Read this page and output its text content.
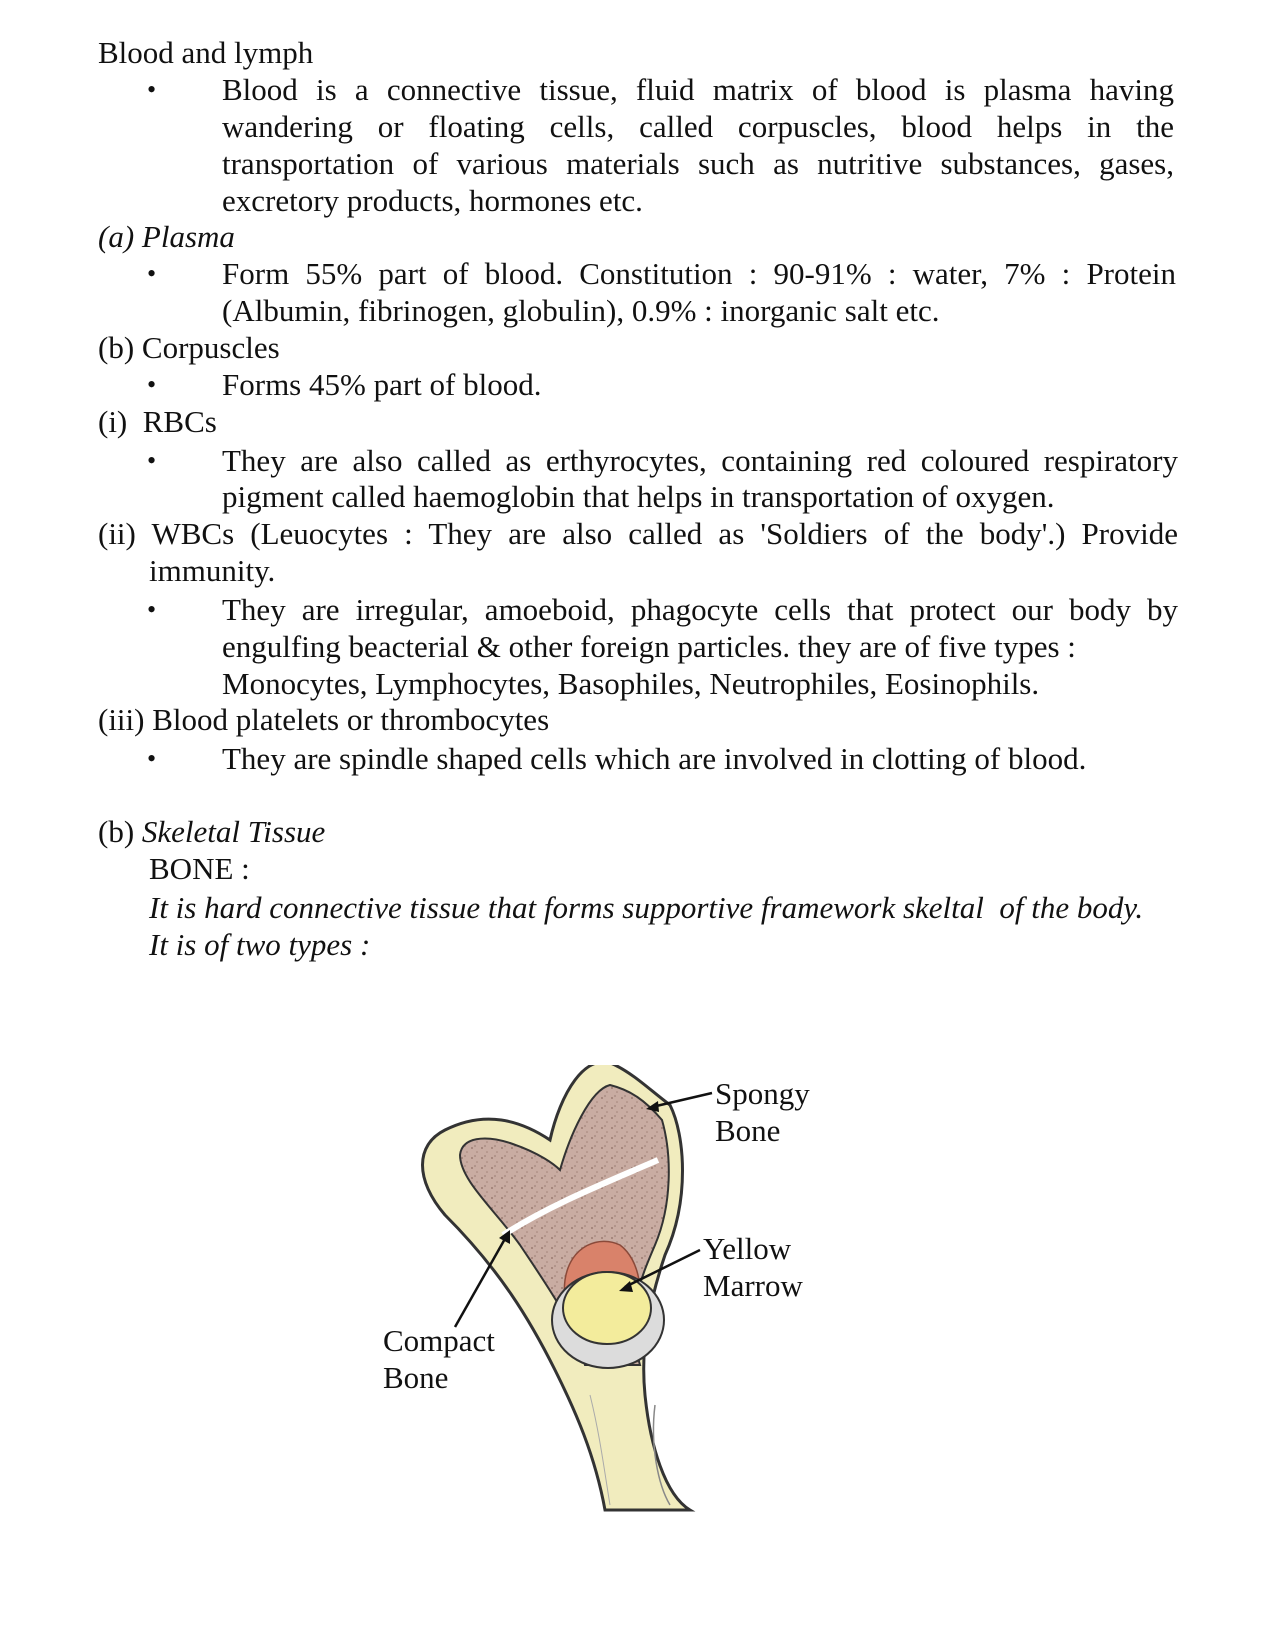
Blood and lymph
• Blood is a connective tissue, fluid matrix of blood is plasma having
wandering or floating cells, called corpuscles, blood helps in the
transportation of various materials such as nutritive substances, gases,
excretory products, hormones etc.
(a) Plasma
• Form 55% part of blood. Constitution : 90-91% : water, 7% : Protein
(Albumin, fibrinogen, globulin), 0.9% : inorganic salt etc.
(b) Corpuscles
• Forms 45% part of blood.
(i)  RBCs
• They are also called as erthyrocytes, containing red coloured respiratory
pigment called haemoglobin that helps in transportation of oxygen.
(ii) WBCs (Leuocytes : They are also called as 'Soldiers of the body'.) Provide
immunity.
• They are irregular, amoeboid, phagocyte cells that protect our body by
engulfing beacterial & other foreign particles. they are of five types :
Monocytes, Lymphocytes, Basophiles, Neutrophiles, Eosinophils.
(iii) Blood platelets or thrombocytes
• They are spindle shaped cells which are involved in clotting of blood.
(b) Skeletal Tissue
BONE :
It is hard connective tissue that forms supportive framework skeltal  of the body.
It is of two types :
Spongy
Bone
Yellow
Marrow
Compact
Bone
